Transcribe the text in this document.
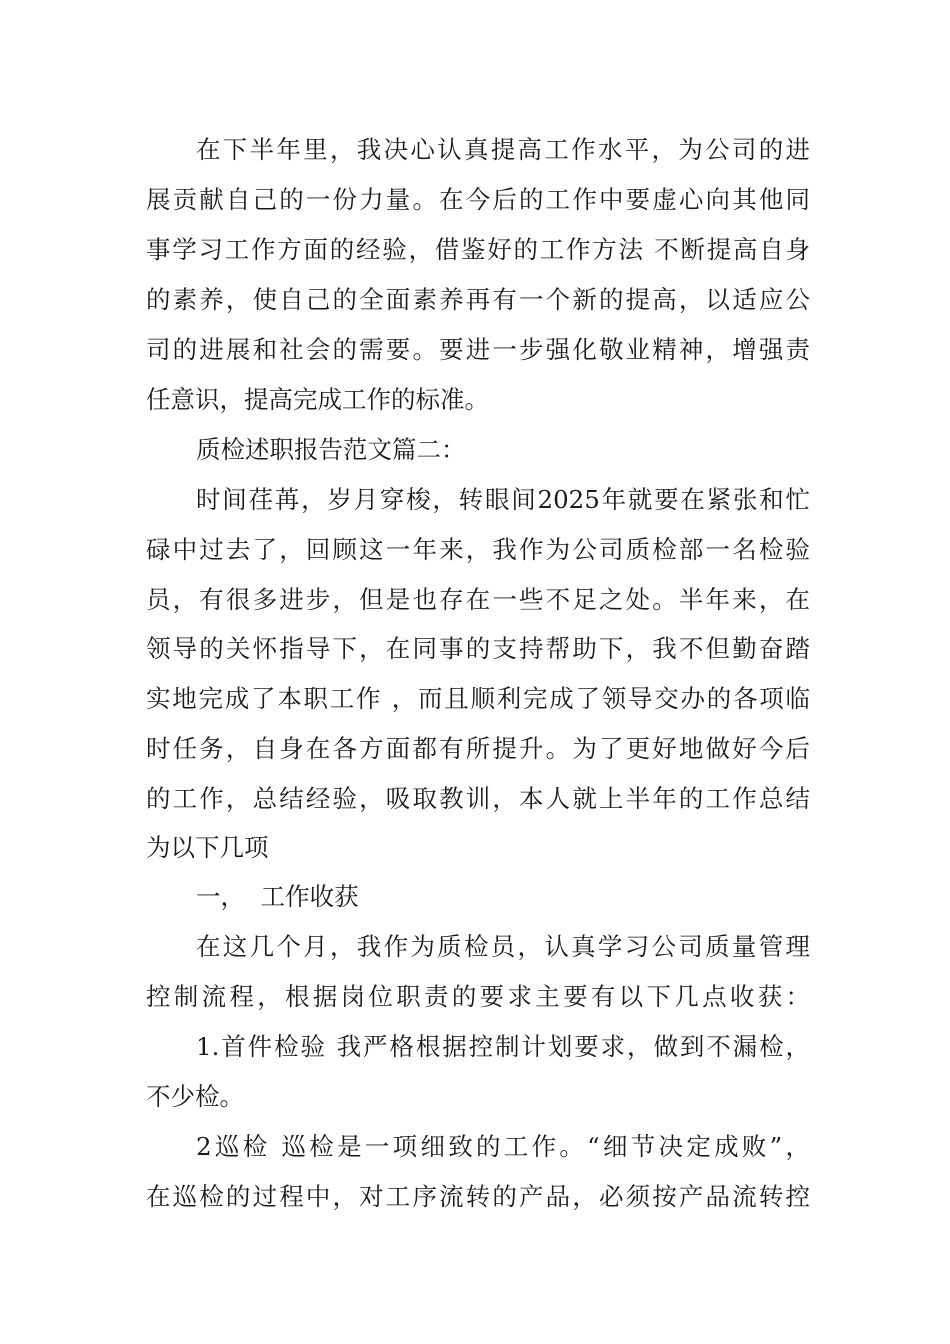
在下半年里，我决心认真提高工作水平，为公司的进
展贡献自己的一份力量。在今后的工作中要虚心向其他同
事学习工作方面的经验，借鉴好的工作方法 不断提高自身
的素养，使自己的全面素养再有一个新的提高，以适应公
司的进展和社会的需要。要进一步强化敬业精神，增强责
任意识，提高完成工作的标准。
质检述职报告范文篇二：
时间荏苒，岁月穿梭，转眼间2025年就要在紧张和忙
碌中过去了，回顾这一年来，我作为公司质检部一名检验
员，有很多进步，但是也存在一些不足之处。半年来，在
领导的关怀指导下，在同事的支持帮助下，我不但勤奋踏
实地完成了本职工作 ，而且顺利完成了领导交办的各项临
时任务，自身在各方面都有所提升。为了更好地做好今后
的工作，总结经验，吸取教训，本人就上半年的工作总结
为以下几项
一，  工作收获
在这几个月，我作为质检员，认真学习公司质量管理
控制流程，根据岗位职责的要求主要有以下几点收获：
1.首件检验 我严格根据控制计划要求，做到不漏检，
不少检。
2巡检 巡检是一项细致的工作。“细节决定成败”，
在巡检的过程中，对工序流转的产品，必须按产品流转控
